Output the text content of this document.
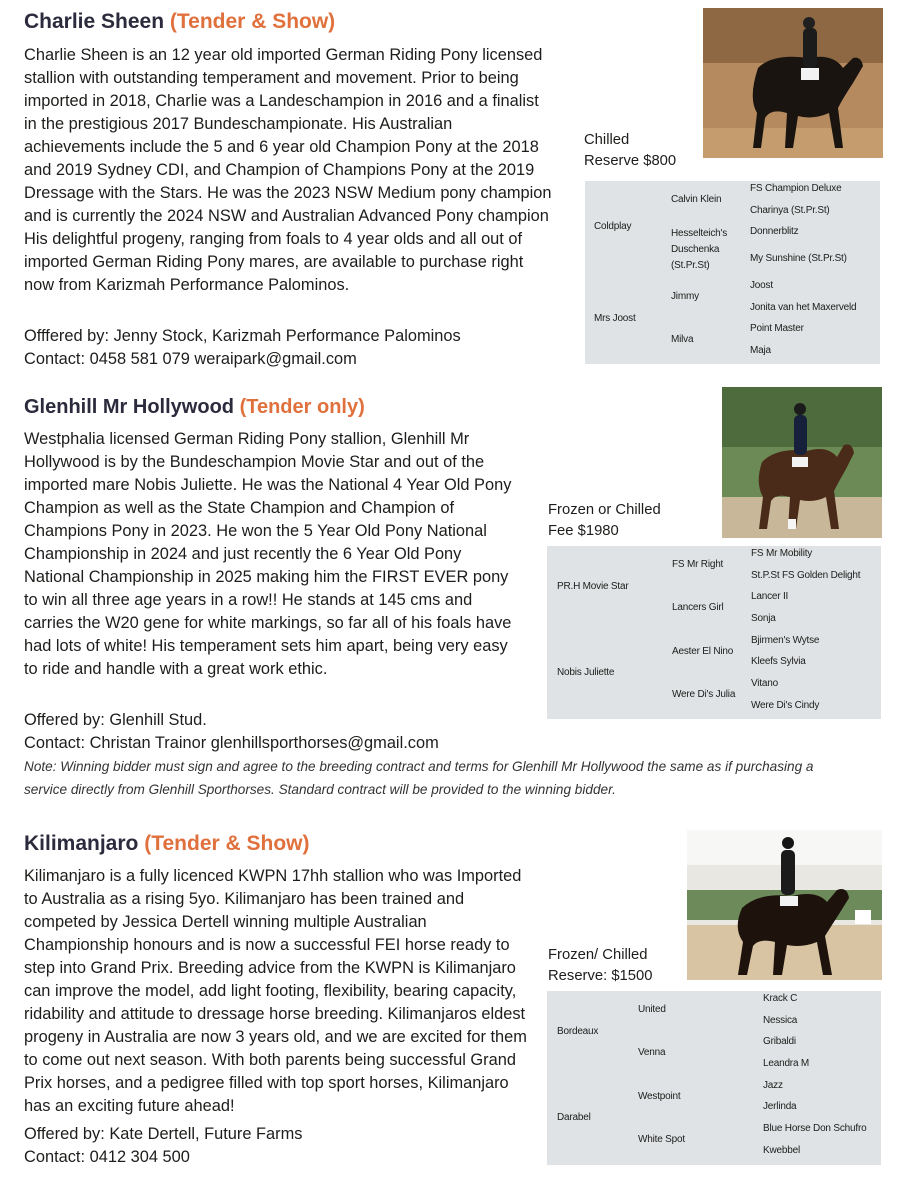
Charlie Sheen (Tender & Show)

Charlie Sheen is an 12 year old imported German Riding Pony licensed stallion with outstanding temperament and movement. Prior to being imported in 2018, Charlie was a Landeschampion in 2016 and a finalist in the prestigious 2017 Bundeschampionate. His Australian achievements include the 5 and 6 year old Champion Pony at the 2018 and 2019 Sydney CDI, and Champion of Champions Pony at the 2019 Dressage with the Stars. He was the 2023 NSW Medium pony champion and is currently the 2024 NSW and Australian Advanced Pony champion His delightful progeny, ranging from foals to 4 year olds and all out of imported German Riding Pony mares, are available to purchase right now from Karizmah Performance Palominos.

Offfered by: Jenny Stock, Karizmah Performance Palominos
Contact: 0458 581 079 weraipark@gmail.com
Chilled
Reserve $800
Coldplay
Mrs Joost
Calvin Klein
Hesselteich's Duschenka (St.Pr.St)
Jimmy
Milva
FS Champion Deluxe
Charinya (St.Pr.St)
Donnerblitz
My Sunshine (St.Pr.St)
Joost
Jonita van het Maxerveld
Point Master
Maja
Glenhill Mr Hollywood (Tender only)

Westphalia licensed German Riding Pony stallion, Glenhill Mr Hollywood is by the Bundeschampion Movie Star and out of the imported mare Nobis Juliette. He was the National 4 Year Old Pony Champion as well as the State Champion and Champion of Champions Pony in 2023. He won the 5 Year Old Pony National Championship in 2024 and just recently the 6 Year Old Pony National Championship in 2025 making him the FIRST EVER pony to win all three age years in a row!! He stands at 145 cms and carries the W20 gene for white markings, so far all of his foals have had lots of white! His temperament sets him apart, being very easy to ride and handle with a great work ethic.

Offered by: Glenhill Stud.
Contact: Christan Trainor glenhillsporthorses@gmail.com
Note: Winning bidder must sign and agree to the breeding contract and terms for Glenhill Mr Hollywood the same as if purchasing a service directly from Glenhill Sporthorses. Standard contract will be provided to the winning bidder.
Frozen or Chilled
Fee $1980
PR.H Movie Star
Nobis Juliette
FS Mr Right
Lancers Girl
Aester El Nino
Were Di's Julia
FS Mr Mobility
St.P.St FS Golden Delight
Lancer II
Sonja
Bjirmen's Wytse
Kleefs Sylvia
Vitano
Were Di's Cindy
Kilimanjaro (Tender & Show)

Kilimanjaro is a fully licenced KWPN 17hh stallion who was Imported to Australia as a rising 5yo. Kilimanjaro has been trained and competed by Jessica Dertell winning multiple Australian Championship honours and is now a successful FEI horse ready to step into Grand Prix. Breeding advice from the KWPN is Kilimanjaro can improve the model, add light footing, flexibility, bearing capacity, ridability and attitude to dressage horse breeding. Kilimanjaros eldest progeny in Australia are now 3 years old, and we are excited for them to come out next season. With both parents being successful Grand Prix horses, and a pedigree filled with top sport horses, Kilimanjaro has an exciting future ahead!

Offered by: Kate Dertell, Future Farms
Contact: 0412 304 500
Frozen/ Chilled
Reserve: $1500
Bordeaux
Darabel
United
Venna
Westpoint
White Spot
Krack C
Nessica
Gribaldi
Leandra M
Jazz
Jerlinda
Blue Horse Don Schufro
Kwebbel
